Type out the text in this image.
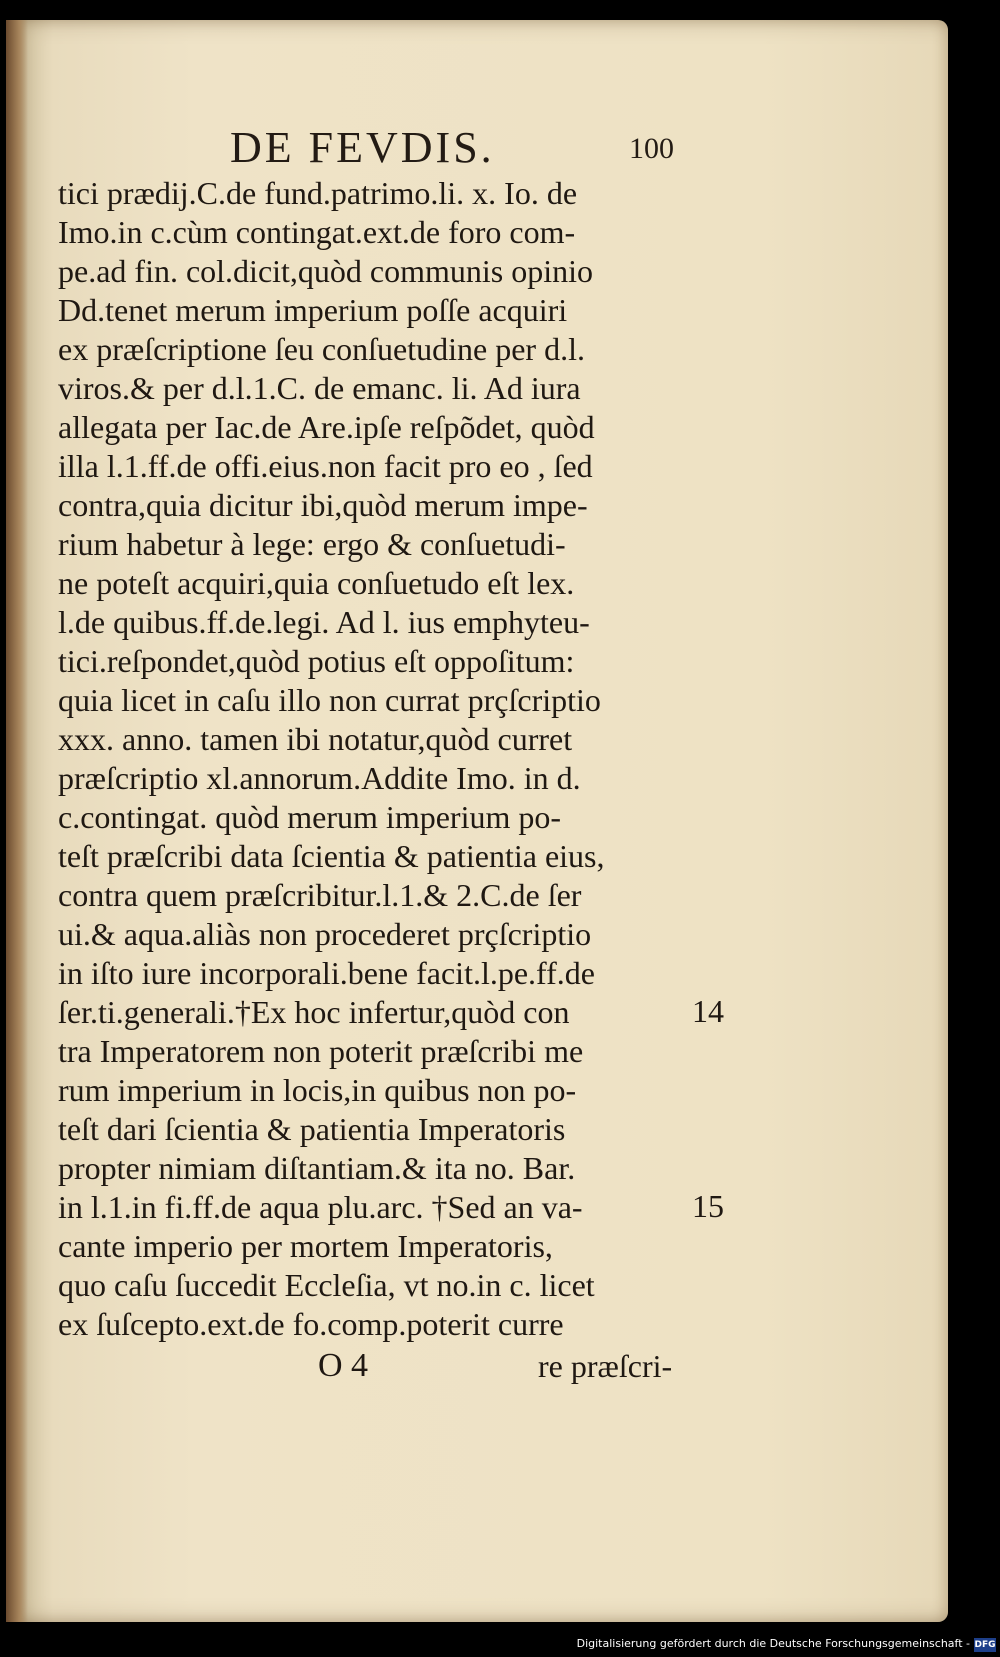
DE FEVDIS.	100
tici prædij.C.de fund.patrimo.li. x. Io. de
Imo.in c.cùm contingat.ext.de foro com-
pe.ad fin. col.dicit,quòd communis opinio
Dd.tenet merum imperium poſſe acquiri
ex præſcriptione ſeu conſuetudine per d.l.
viros.& per d.l.1.C. de emanc. li. Ad iura
allegata per Iac.de Are.ipſe reſpõdet, quòd
illa l.1.ff.de offi.eius.non facit pro eo , ſed
contra,quia dicitur ibi,quòd merum impe-
rium habetur à lege: ergo & conſuetudi-
ne poteſt acquiri,quia conſuetudo eſt lex.
l.de quibus.ff.de.legi. Ad l. ius emphyteu-
tici.reſpondet,quòd potius eſt oppoſitum:
quia licet in caſu illo non currat prçſcriptio
xxx. anno. tamen ibi notatur,quòd curret
præſcriptio xl.annorum.Addite Imo. in d.
c.contingat. quòd merum imperium po-
teſt præſcribi data ſcientia & patientia eius,
contra quem præſcribitur.l.1.& 2.C.de ſer
ui.& aqua.aliàs non procederet prçſcriptio
in iſto iure incorporali.bene facit.l.pe.ff.de
ſer.ti.generali.†Ex hoc infertur,quòd con
tra Imperatorem non poterit præſcribi me
rum imperium in locis,in quibus non po-
teſt dari ſcientia & patientia Imperatoris
propter nimiam diſtantiam.& ita no. Bar.
in l.1.in fi.ff.de aqua plu.arc. †Sed an va-
cante imperio per mortem Imperatoris,
quo caſu ſuccedit Eccleſia, vt no.in c. licet
ex ſuſcepto.ext.de fo.comp.poterit curre
14
15
O 4	re præſcri-
Digitalisierung gefördert durch die Deutsche Forschungsgemeinschaft - DFG
